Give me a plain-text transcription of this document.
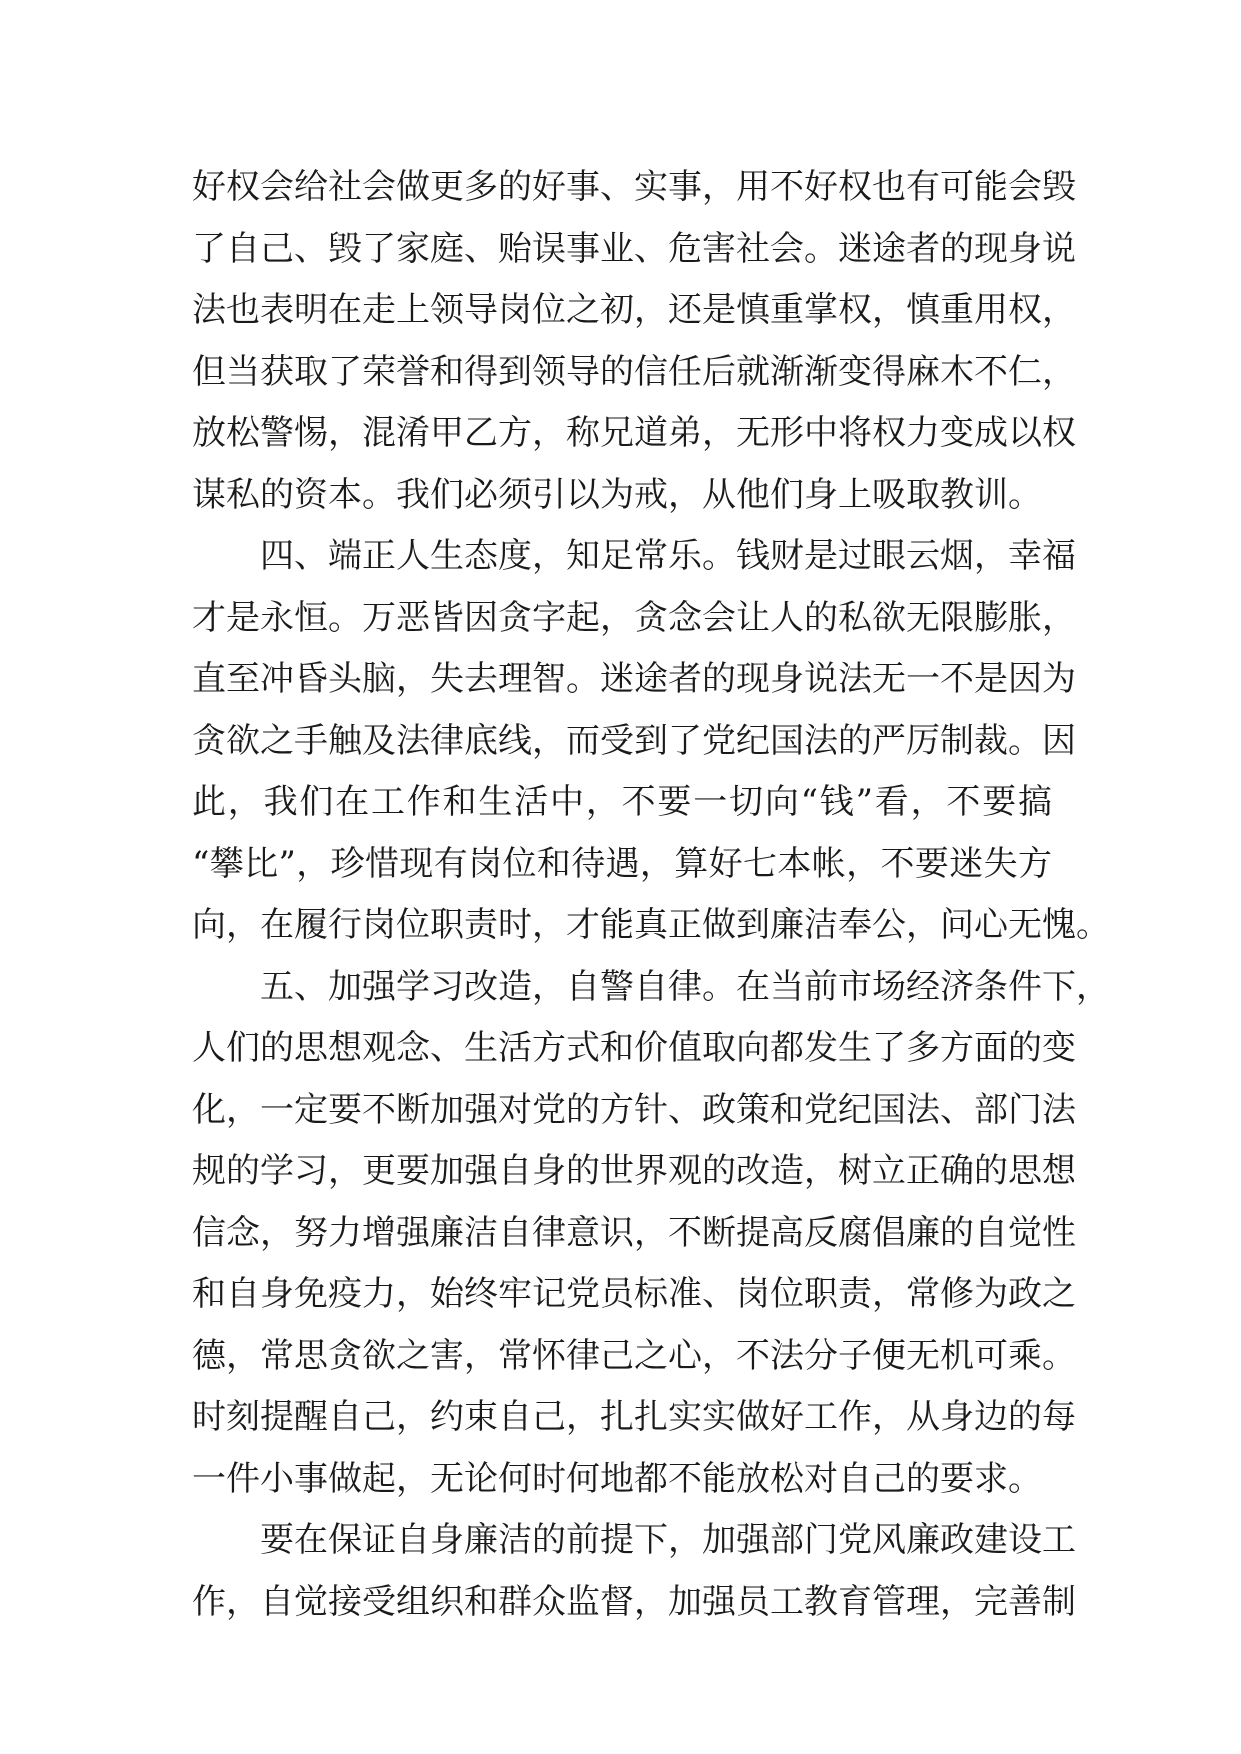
好权会给社会做更多的好事、实事，用不好权也有可能会毁
了自己、毁了家庭、贻误事业、危害社会。迷途者的现身说
法也表明在走上领导岗位之初，还是慎重掌权，慎重用权，
但当获取了荣誉和得到领导的信任后就渐渐变得麻木不仁，
放松警惕，混淆甲乙方，称兄道弟，无形中将权力变成以权
谋私的资本。我们必须引以为戒，从他们身上吸取教训。
四、端正人生态度，知足常乐。钱财是过眼云烟，幸福
才是永恒。万恶皆因贪字起，贪念会让人的私欲无限膨胀，
直至冲昏头脑，失去理智。迷途者的现身说法无一不是因为
贪欲之手触及法律底线，而受到了党纪国法的严厉制裁。因
此，我们在工作和生活中，不要一切向“钱”看，不要搞
“攀比”，珍惜现有岗位和待遇，算好七本帐，不要迷失方
向，在履行岗位职责时，才能真正做到廉洁奉公，问心无愧。
五、加强学习改造，自警自律。在当前市场经济条件下，
人们的思想观念、生活方式和价值取向都发生了多方面的变
化，一定要不断加强对党的方针、政策和党纪国法、部门法
规的学习，更要加强自身的世界观的改造，树立正确的思想
信念，努力增强廉洁自律意识，不断提高反腐倡廉的自觉性
和自身免疫力，始终牢记党员标准、岗位职责，常修为政之
德，常思贪欲之害，常怀律己之心，不法分子便无机可乘。
时刻提醒自己，约束自己，扎扎实实做好工作，从身边的每
一件小事做起，无论何时何地都不能放松对自己的要求。
要在保证自身廉洁的前提下，加强部门党风廉政建设工
作，自觉接受组织和群众监督，加强员工教育管理，完善制
